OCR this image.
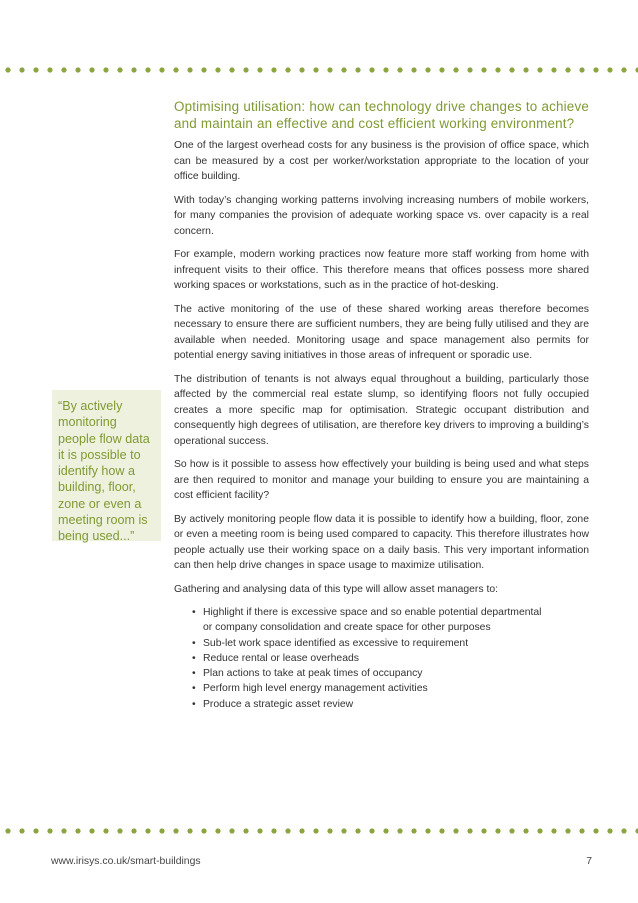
Optimising utilisation: how can technology drive changes to achieve and maintain an effective and cost efficient working environment?

One of the largest overhead costs for any business is the provision of office space, which can be measured by a cost per worker/workstation appropriate to the location of your office building.

With today’s changing working patterns involving increasing numbers of mobile workers, for many companies the provision of adequate working space vs. over capacity is a real concern.

For example, modern working practices now feature more staff working from home with infrequent visits to their office. This therefore means that offices possess more shared working spaces or workstations, such as in the practice of hot-desking.

The active monitoring of the use of these shared working areas therefore becomes necessary to ensure there are sufficient numbers, they are being fully utilised and they are available when needed. Monitoring usage and space management also permits for potential energy saving initiatives in those areas of infrequent or sporadic use.

The distribution of tenants is not always equal throughout a building, particularly those affected by the commercial real estate slump, so identifying floors not fully occupied creates a more specific map for optimisation. Strategic occupant distribution and consequently high degrees of utilisation, are therefore key drivers to improving a building’s operational success.

So how is it possible to assess how effectively your building is being used and what steps are then required to monitor and manage your building to ensure you are maintaining a cost efficient facility?

By actively monitoring people flow data it is possible to identify how a building, floor, zone or even a meeting room is being used compared to capacity. This therefore illustrates how people actually use their working space on a daily basis. This very important information can then help drive changes in space usage to maximize utilisation.

Gathering and analysing data of this type will allow asset managers to:

• Highlight if there is excessive space and so enable potential departmental
or company consolidation and create space for other purposes
• Sub-let work space identified as excessive to requirement
• Reduce rental or lease overheads
• Plan actions to take at peak times of occupancy
• Perform high level energy management activities
• Produce a strategic asset review

“By actively
monitoring
people flow data
it is possible to
identify how a
building, floor,
zone or even a
meeting room is
being used...”

www.irisys.co.uk/smart-buildings	7
